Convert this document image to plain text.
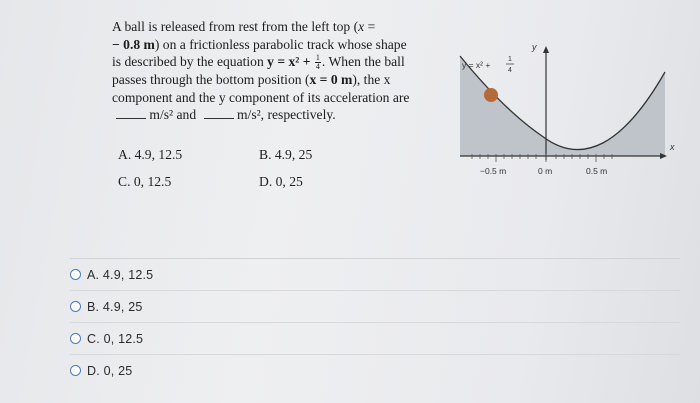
A ball is released from rest from the left top (x =
− 0.8 m) on a frictionless parabolic track whose shape
is described by the equation $y = x^2 + \frac{1}{4}$ . When the ball
passes through the bottom position (x = 0 m), the x
component and the y component of its acceleration are
m/s² and	m/s², respectively.
A. 4.9, 12.5	B. 4.9, 25
C. 0, 12.5	D. 0, 25
y = x² +
1
4
y
x
−0.5 m	0 m	0.5 m
A. 4.9, 12.5
B. 4.9, 25
C. 0, 12.5
D. 0, 25
